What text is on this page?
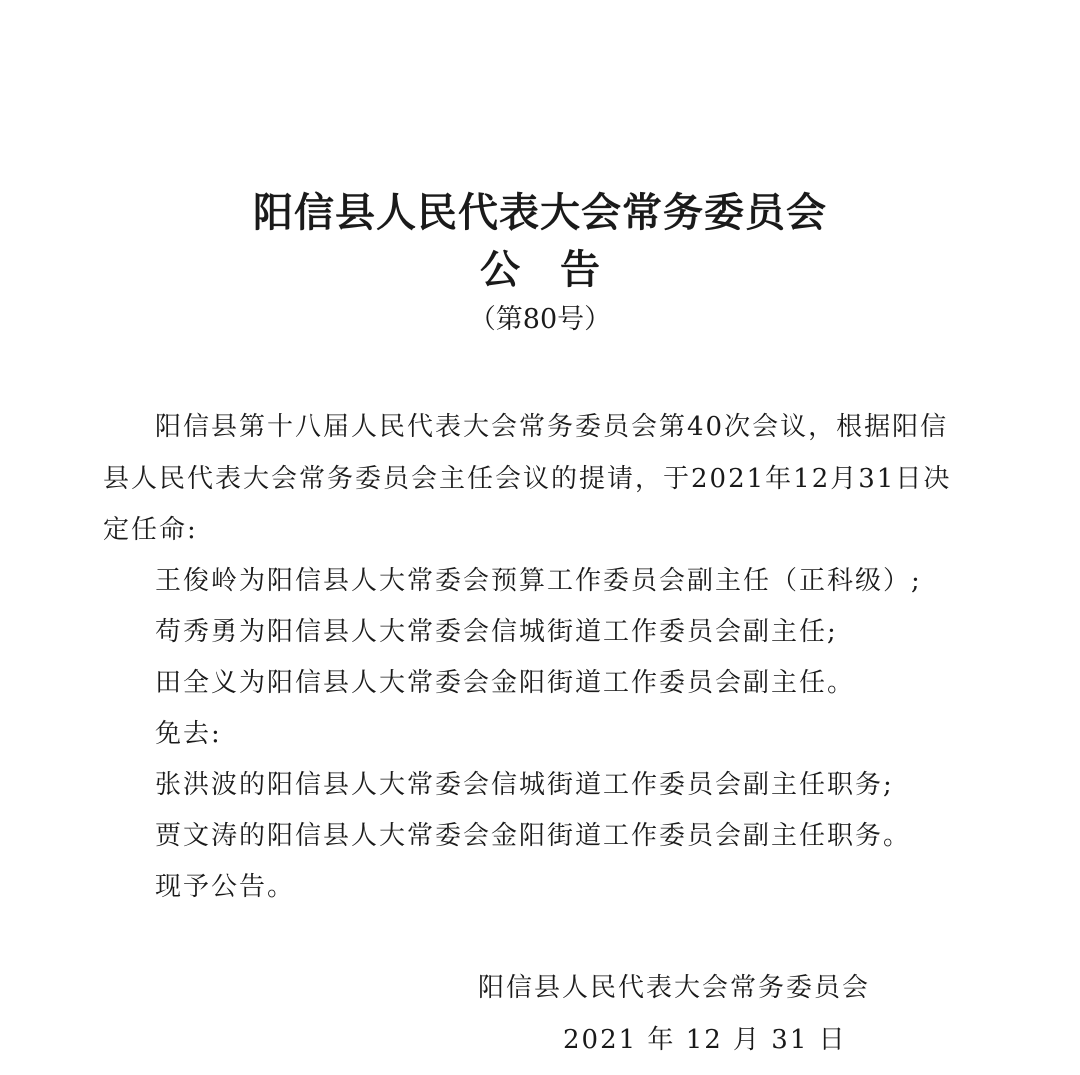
阳信县人民代表大会常务委员会
公告
（第80号）
阳信县第十八届人民代表大会常务委员会第40次会议，根据阳信
县人民代表大会常务委员会主任会议的提请，于2021年12月31日决
定任命:
王俊岭为阳信县人大常委会预算工作委员会副主任（正科级）;
苟秀勇为阳信县人大常委会信城街道工作委员会副主任;
田全义为阳信县人大常委会金阳街道工作委员会副主任。
免去:
张洪波的阳信县人大常委会信城街道工作委员会副主任职务;
贾文涛的阳信县人大常委会金阳街道工作委员会副主任职务。
现予公告。
阳信县人民代表大会常务委员会
2021 年 12 月 31 日
